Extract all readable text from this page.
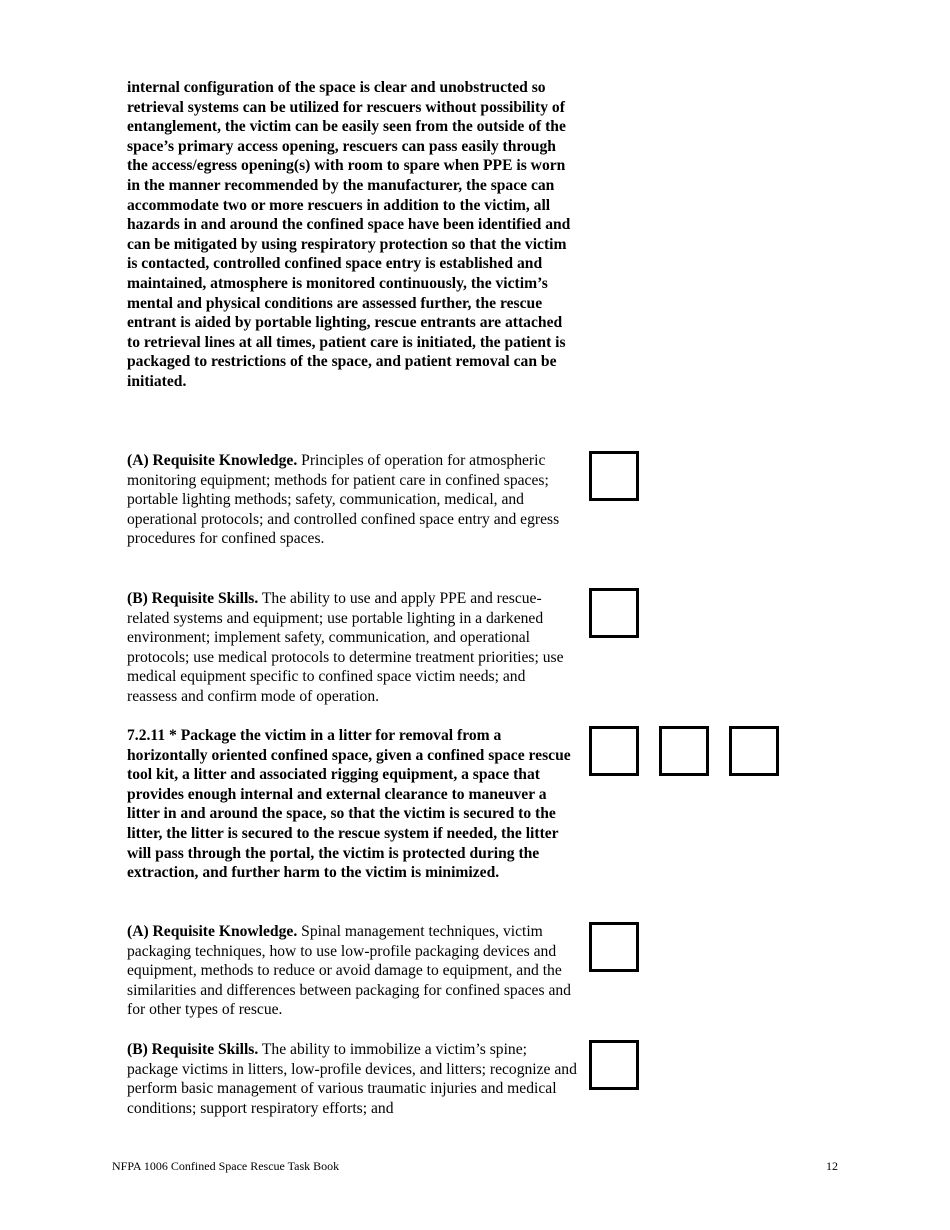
internal configuration of the space is clear and unobstructed so retrieval systems can be utilized for rescuers without possibility of entanglement, the victim can be easily seen from the outside of the space’s primary access opening, rescuers can pass easily through the access/egress opening(s) with room to spare when PPE is worn in the manner recommended by the manufacturer, the space can accommodate two or more rescuers in addition to the victim, all hazards in and around the confined space have been identified and can be mitigated by using respiratory protection so that the victim is contacted, controlled confined space entry is established and maintained, atmosphere is monitored continuously, the victim’s mental and physical conditions are assessed further, the rescue entrant is aided by portable lighting, rescue entrants are attached to retrieval lines at all times, patient care is initiated, the patient is packaged to restrictions of the space, and patient removal can be initiated.
(A) Requisite Knowledge. Principles of operation for atmospheric monitoring equipment; methods for patient care in confined spaces; portable lighting methods; safety, communication, medical, and operational protocols; and controlled confined space entry and egress procedures for confined spaces.
(B) Requisite Skills. The ability to use and apply PPE and rescue-related systems and equipment; use portable lighting in a darkened environment; implement safety, communication, and operational protocols; use medical protocols to determine treatment priorities; use medical equipment specific to confined space victim needs; and reassess and confirm mode of operation.
7.2.11 * Package the victim in a litter for removal from a horizontally oriented confined space, given a confined space rescue tool kit, a litter and associated rigging equipment, a space that provides enough internal and external clearance to maneuver a litter in and around the space, so that the victim is secured to the litter, the litter is secured to the rescue system if needed, the litter will pass through the portal, the victim is protected during the extraction, and further harm to the victim is minimized.
(A) Requisite Knowledge. Spinal management techniques, victim packaging techniques, how to use low-profile packaging devices and equipment, methods to reduce or avoid damage to equipment, and the similarities and differences between packaging for confined spaces and for other types of rescue.
(B) Requisite Skills. The ability to immobilize a victim’s spine; package victims in litters, low-profile devices, and litters; recognize and perform basic management of various traumatic injuries and medical conditions; support respiratory efforts; and
NFPA 1006 Confined Space Rescue Task Book	12
